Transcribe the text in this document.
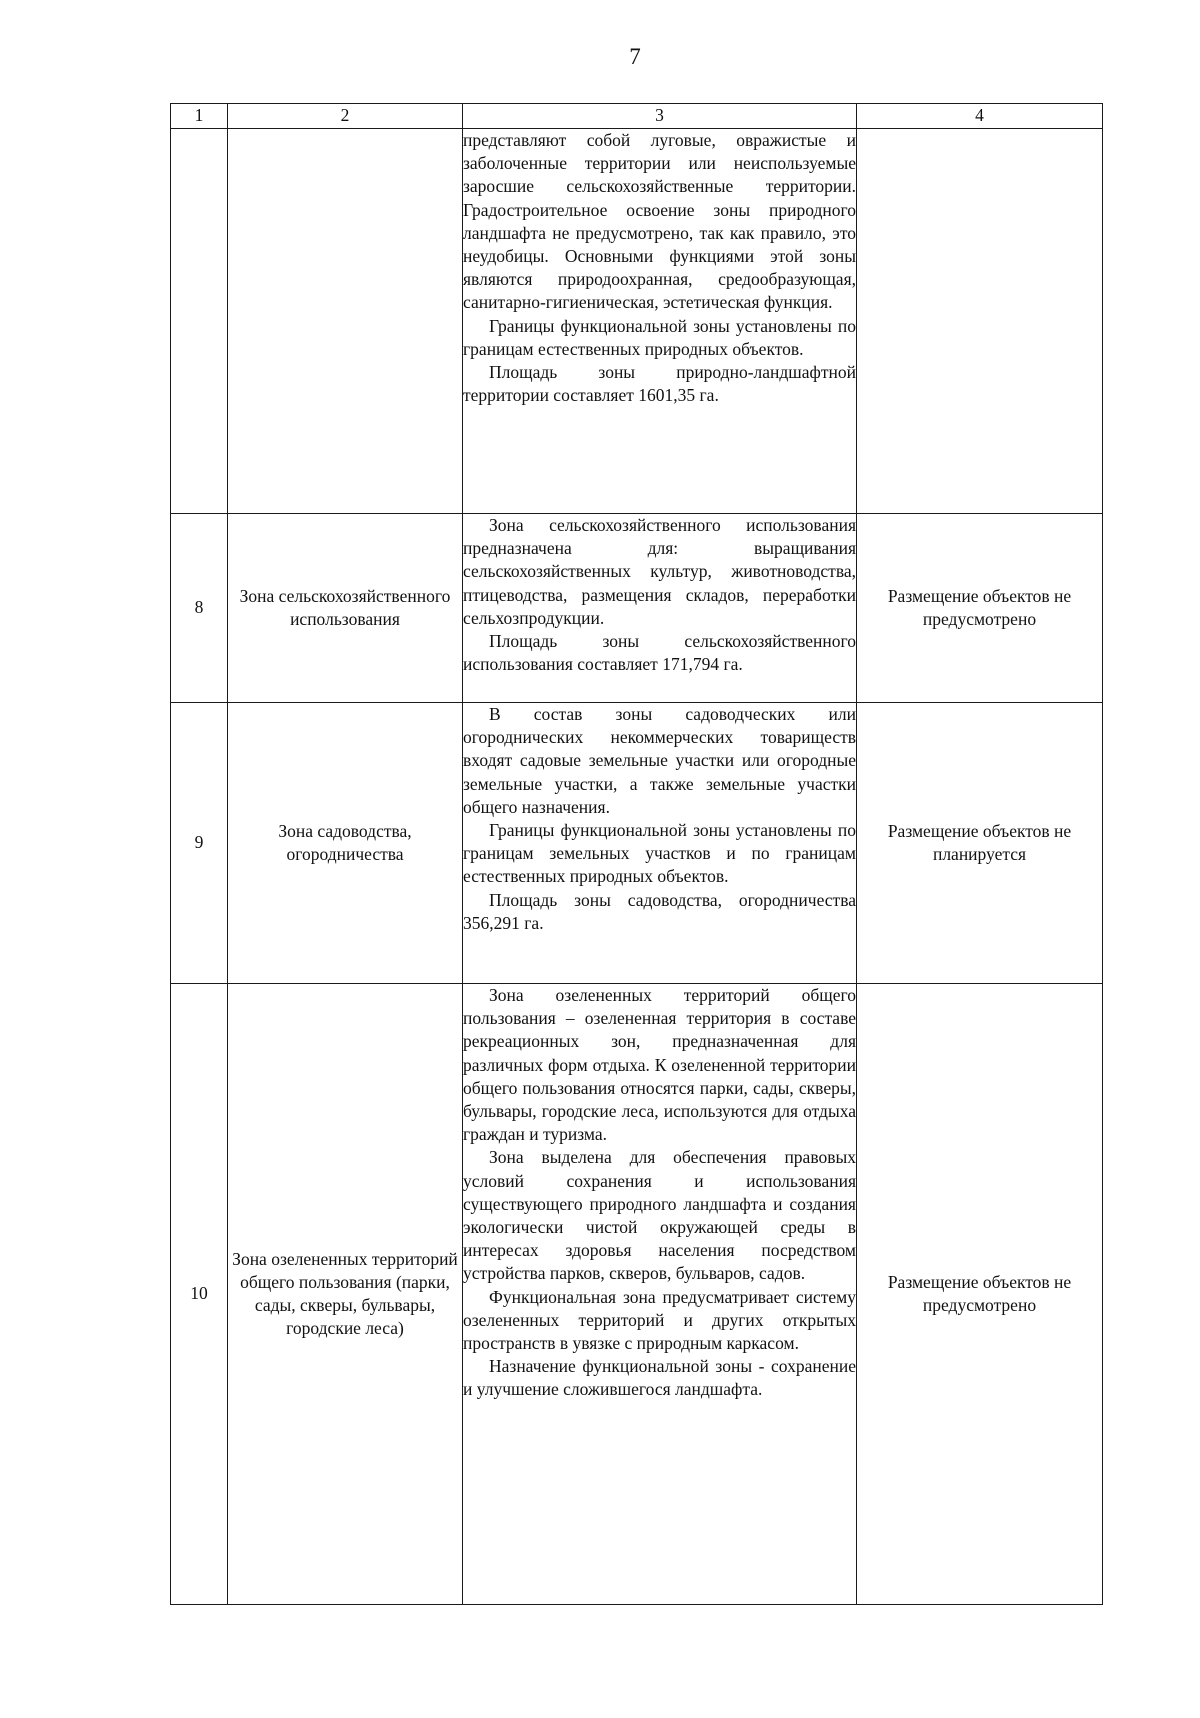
7
1	2	3	4

		представляют собой луговые, овражистые и заболоченные территории или неиспользуемые заросшие сельскохозяйственные территории. Градостроительное освоение зоны природного ландшафта не предусмотрено, так как правило, это неудобицы. Основными функциями этой зоны являются природоохранная, средообразующая, санитарно-гигиеническая, эстетическая функция.

Границы функциональной зоны установлены по границам естественных природных объектов.

Площадь зоны природно-ландшафтной территории составляет 1601,35 га.	

8	Зона сельскохозяйственного использования	Зона сельскохозяйственного использования предназначена для: выращивания сельскохозяйственных культур, животноводства, птицеводства, размещения складов, переработки сельхозпродукции.

Площадь зоны сельскохозяйственного использования составляет 171,794 га.	Размещение объектов не предусмотрено
9	Зона садоводства, огородничества	В состав зоны садоводческих или огороднических некоммерческих товариществ входят садовые земельные участки или огородные земельные участки, а также земельные участки общего назначения.

Границы функциональной зоны установлены по границам земельных участков и по границам естественных природных объектов.

Площадь зоны садоводства, огородничества 356,291 га.	Размещение объектов не планируется
10	Зона озелененных территорий общего пользования (парки, сады, скверы, бульвары, городские леса)	Зона озелененных территорий общего пользования – озелененная территория в составе рекреационных зон, предназначенная для различных форм отдыха. К озелененной территории общего пользования относятся парки, сады, скверы, бульвары, городские леса, используются для отдыха граждан и туризма.

Зона выделена для обеспечения правовых условий сохранения и использования существующего природного ландшафта и создания экологически чистой окружающей среды в интересах здоровья населения посредством устройства парков, скверов, бульваров, садов.

Функциональная зона предусматривает систему озелененных территорий и других открытых пространств в увязке с природным каркасом.

Назначение функциональной зоны - сохранение и улучшение сложившегося ландшафта.	Размещение объектов не предусмотрено
